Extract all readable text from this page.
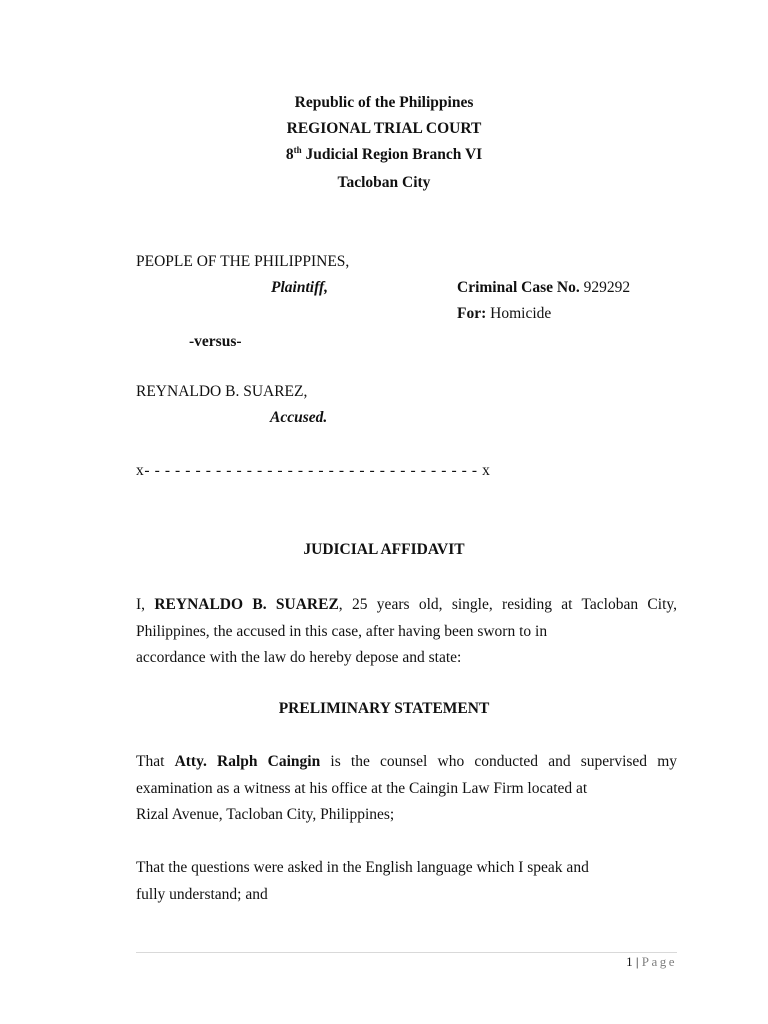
Republic of the Philippines
REGIONAL TRIAL COURT
8th Judicial Region Branch VI
Tacloban City
PEOPLE OF THE PHILIPPINES,
Plaintiff,	Criminal Case No. 929292
For: Homicide
-versus-
REYNALDO B. SUAREZ,
Accused.
x- - - - - - - - - - - - - - - - - - - - - - - - - - - - - - - - - x
JUDICIAL AFFIDAVIT

I, REYNALDO B. SUAREZ, 25 years old, single, residing at Tacloban City, Philippines, the accused in this case, after having been sworn to in
accordance with the law do hereby depose and state:

PRELIMINARY STATEMENT

That Atty. Ralph Caingin is the counsel who conducted and supervised my examination as a witness at his office at the Caingin Law Firm located at
Rizal Avenue, Tacloban City, Philippines;

That the questions were asked in the English language which I speak and
fully understand; and

1 | Page
